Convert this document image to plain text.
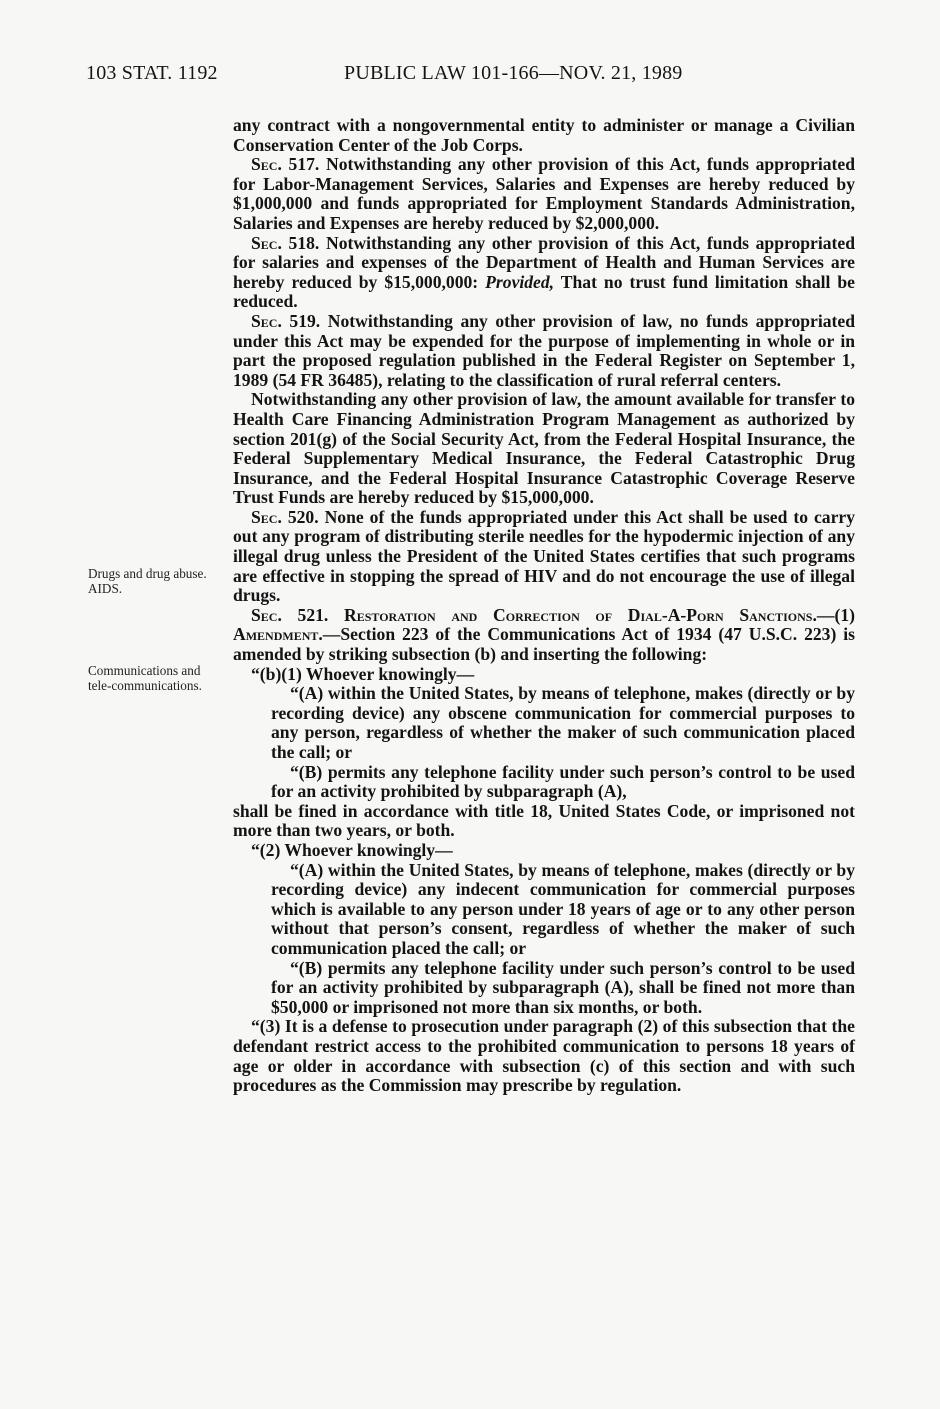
103 STAT. 1192	PUBLIC LAW 101-166—NOV. 21, 1989
Drugs and drug abuse. AIDS.
Communications and tele-communications.

any contract with a nongovernmental entity to administer or manage a Civilian Conservation Center of the Job Corps.

Sec. 517. Notwithstanding any other provision of this Act, funds appropriated for Labor-Management Services, Salaries and Expenses are hereby reduced by $1,000,000 and funds appropriated for Employment Standards Administration, Salaries and Expenses are hereby reduced by $2,000,000.

Sec. 518. Notwithstanding any other provision of this Act, funds appropriated for salaries and expenses of the Department of Health and Human Services are hereby reduced by $15,000,000: Provided, That no trust fund limitation shall be reduced.

Sec. 519. Notwithstanding any other provision of law, no funds appropriated under this Act may be expended for the purpose of implementing in whole or in part the proposed regulation published in the Federal Register on September 1, 1989 (54 FR 36485), relating to the classification of rural referral centers.

Notwithstanding any other provision of law, the amount available for transfer to Health Care Financing Administration Program Management as authorized by section 201(g) of the Social Security Act, from the Federal Hospital Insurance, the Federal Supplementary Medical Insurance, the Federal Catastrophic Drug Insurance, and the Federal Hospital Insurance Catastrophic Coverage Reserve Trust Funds are hereby reduced by $15,000,000.

Sec. 520. None of the funds appropriated under this Act shall be used to carry out any program of distributing sterile needles for the hypodermic injection of any illegal drug unless the President of the United States certifies that such programs are effective in stopping the spread of HIV and do not encourage the use of illegal drugs.

Sec. 521. Restoration and Correction of Dial-A-Porn Sanctions.—(1) Amendment.—Section 223 of the Communications Act of 1934 (47 U.S.C. 223) is amended by striking subsection (b) and inserting the following:

“(b)(1) Whoever knowingly—

“(A) within the United States, by means of telephone, makes (directly or by recording device) any obscene communication for commercial purposes to any person, regardless of whether the maker of such communication placed the call; or

“(B) permits any telephone facility under such person’s control to be used for an activity prohibited by subparagraph (A),

shall be fined in accordance with title 18, United States Code, or imprisoned not more than two years, or both.

“(2) Whoever knowingly—

“(A) within the United States, by means of telephone, makes (directly or by recording device) any indecent communication for commercial purposes which is available to any person under 18 years of age or to any other person without that person’s consent, regardless of whether the maker of such communication placed the call; or

“(B) permits any telephone facility under such person’s control to be used for an activity prohibited by subparagraph (A), shall be fined not more than $50,000 or imprisoned not more than six months, or both.

“(3) It is a defense to prosecution under paragraph (2) of this subsection that the defendant restrict access to the prohibited communication to persons 18 years of age or older in accordance with subsection (c) of this section and with such procedures as the Commission may prescribe by regulation.
